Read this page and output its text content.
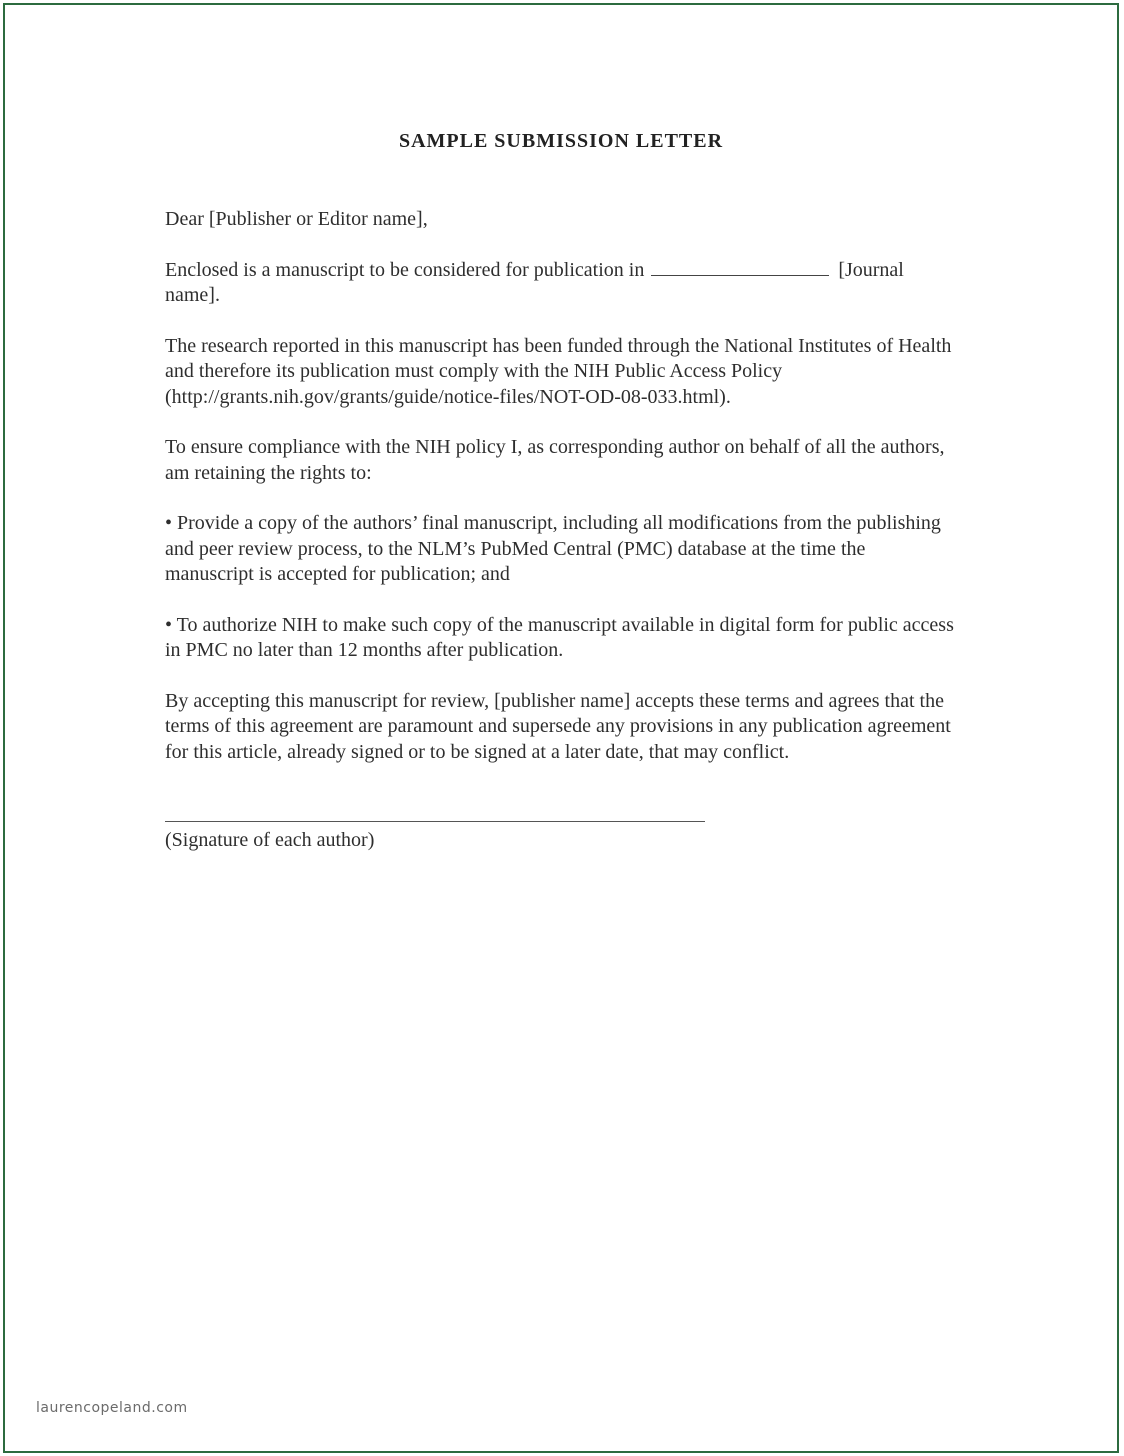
SAMPLE SUBMISSION LETTER

Dear [Publisher or Editor name],

Enclosed is a manuscript to be considered for publication in	[Journal name].

The research reported in this manuscript has been funded through the National Institutes of Health and therefore its publication must comply with the NIH Public Access Policy (http://grants.nih.gov/grants/guide/notice-files/NOT-OD-08-033.html).

To ensure compliance with the NIH policy I, as corresponding author on behalf of all the authors, am retaining the rights to:

• Provide a copy of the authors’ final manuscript, including all modifications from the publishing and peer review process, to the NLM’s PubMed Central (PMC) database at the time the manuscript is accepted for publication; and

• To authorize NIH to make such copy of the manuscript available in digital form for public access in PMC no later than 12 months after publication.

By accepting this manuscript for review, [publisher name] accepts these terms and agrees that the terms of this agreement are paramount and supersede any provisions in any publication agreement for this article, already signed or to be signed at a later date, that may conflict.

(Signature of each author)
laurencopeland.com
